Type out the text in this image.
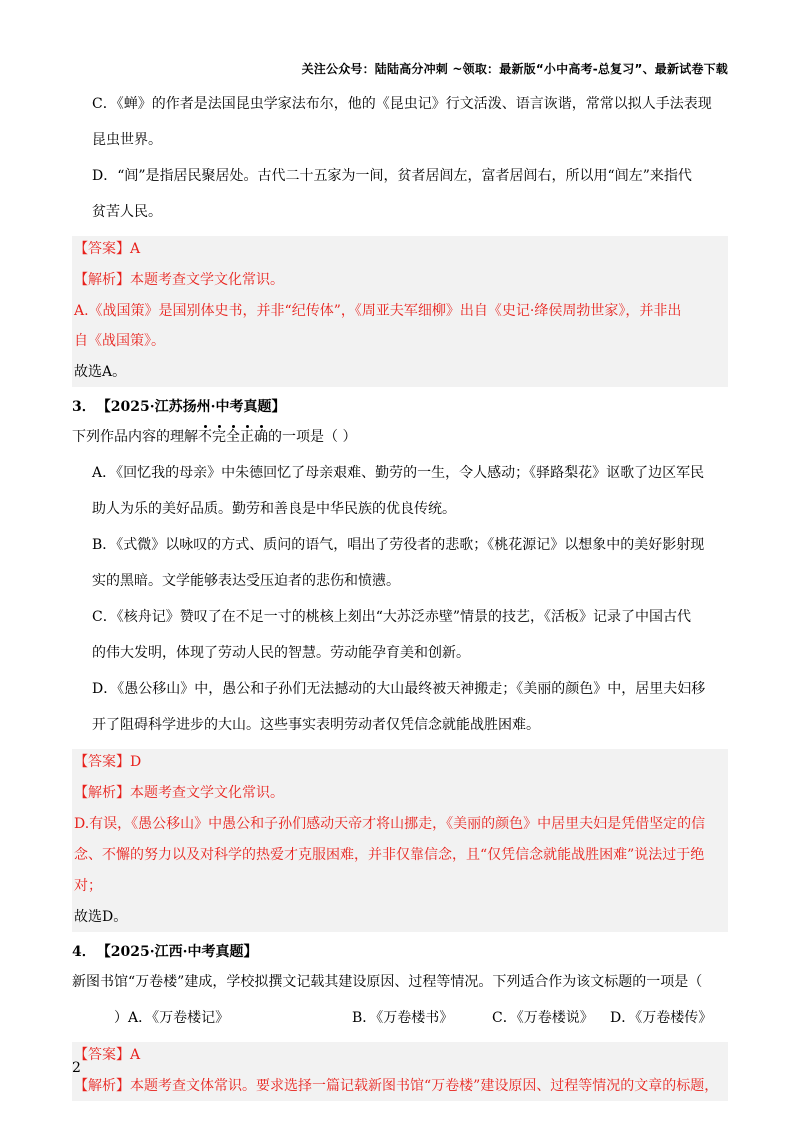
关注公众号：陆陆高分冲刺 ~领取：最新版“小中高考-总复习”、最新试卷下载
C．《蝉》的作者是法国昆虫学家法布尔，他的《昆虫记》行文活泼、语言诙谐，常常以拟人手法表现
昆虫世界。
D．“闾”是指居民聚居处。古代二十五家为一间，贫者居闾左，富者居闾右，所以用“闾左”来指代
贫苦人民。
【答案】A
【解析】本题考查文学文化常识。
A.《战国策》是国别体史书，并非“纪传体”，《周亚夫军细柳》出自《史记·绛侯周勃世家》，并非出
自《战国策》。
故选A。
3． 【2025·江苏扬州·中考真题】
下列作品内容的理解不完全正确的一项是（ ）
A．《回忆我的母亲》中朱德回忆了母亲艰难、勤劳的一生，令人感动；《驿路梨花》讴歌了边区军民
助人为乐的美好品质。勤劳和善良是中华民族的优良传统。
B．《式微》以咏叹的方式、质问的语气，唱出了劳役者的悲歌；《桃花源记》以想象中的美好影射现
实的黑暗。文学能够表达受压迫者的悲伤和愤懑。
C．《核舟记》赞叹了在不足一寸的桃核上刻出“大苏泛赤壁”情景的技艺，《活板》记录了中国古代
的伟大发明，体现了劳动人民的智慧。劳动能孕育美和创新。
D．《愚公移山》中，愚公和子孙们无法撼动的大山最终被天神搬走；《美丽的颜色》中，居里夫妇移
开了阻碍科学进步的大山。这些事实表明劳动者仅凭信念就能战胜困难。
【答案】D
【解析】本题考查文学文化常识。
D.有误，《愚公移山》中愚公和子孙们感动天帝才将山挪走，《美丽的颜色》中居里夫妇是凭借坚定的信
念、不懈的努力以及对科学的热爱才克服困难，并非仅靠信念，且“仅凭信念就能战胜困难”说法过于绝
对；
故选D。
4． 【2025·江西·中考真题】
新图书馆“万卷楼”建成，学校拟撰文记载其建设原因、过程等情况。下列适合作为该文标题的一项是（
）A．《万卷楼记》	B．《万卷楼书》	C．《万卷楼说》	D．《万卷楼传》
【答案】A
【解析】本题考查文体常识。要求选择一篇记载新图书馆“万卷楼”建设原因、过程等情况的文章的标题，
2
